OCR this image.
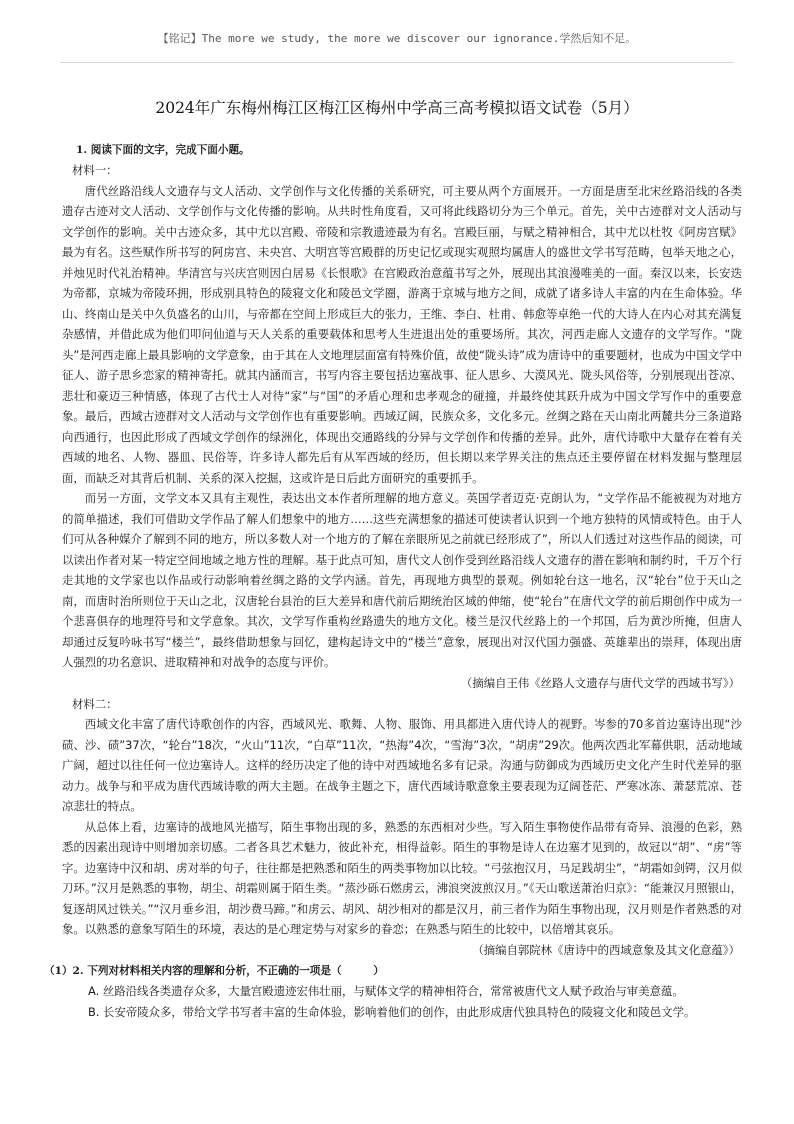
【铭记】The more we study, the more we discover our ignorance.学然后知不足。
2024年广东梅州梅江区梅江区梅州中学高三高考模拟语文试卷（5月）
1. 阅读下面的文字，完成下面小题。
材料一：

唐代丝路沿线人文遗存与文人活动、文学创作与文化传播的关系研究，可主要从两个方面展开。一方面是唐至北宋丝路沿线的各类遗存古迹对文人活动、文学创作与文化传播的影响。从共时性角度看，又可将此线路切分为三个单元。首先，关中古迹群对文人活动与文学创作的影响。关中古迹众多，其中尤以宫殿、帝陵和宗教遗迹最为有名。宫殿巨丽，与赋之精神相合，其中尤以杜牧《阿房宫赋》最为有名。这些赋作所书写的阿房宫、未央宫、大明宫等宫殿群的历史记忆或现实观照均属唐人的盛世文学书写范畴，包举天地之心，并烛见时代礼治精神。华清宫与兴庆宫则因白居易《长恨歌》在宫殿政治意蕴书写之外，展现出其浪漫唯美的一面。秦汉以来，长安迭为帝都，京城为帝陵环拥，形成别具特色的陵寝文化和陵邑文学圈，游离于京城与地方之间，成就了诸多诗人丰富的内在生命体验。华山、终南山是关中久负盛名的山川，与帝都在空间上形成巨大的张力，王维、李白、杜甫、韩愈等卓绝一代的大诗人在内心对其充满复杂感情，并借此成为他们叩问仙道与天人关系的重要载体和思考人生进退出处的重要场所。其次，河西走廊人文遗存的文学写作。“陇头”是河西走廊上最具影响的文学意象，由于其在人文地理层面富有特殊价值，故使“陇头诗”成为唐诗中的重要题材，也成为中国文学中征人、游子思乡恋家的精神寄托。就其内涵而言，书写内容主要包括边塞战事、征人思乡、大漠风光、陇头风俗等，分别展现出苍凉、悲壮和豪迈三种情感，体现了古代士人对待“家”与“国”的矛盾心理和忠孝观念的碰撞，并最终使其跃升成为中国文学写作中的重要意象。最后，西域古迹群对文人活动与文学创作也有重要影响。西域辽阔，民族众多，文化多元。丝绸之路在天山南北两麓共分三条道路向西通行，也因此形成了西域文学创作的绿洲化，体现出交通路线的分异与文学创作和传播的差异。此外，唐代诗歌中大量存在着有关西域的地名、人物、器皿、民俗等，许多诗人都先后有从军西域的经历，但长期以来学界关注的焦点还主要停留在材料发掘与整理层面，而缺乏对其背后机制、关系的深入挖掘，这或许是日后此方面研究的重要抓手。

而另一方面，文学文本又具有主观性，表达出文本作者所理解的地方意义。英国学者迈克·克朗认为，“文学作品不能被视为对地方的简单描述，我们可借助文学作品了解人们想象中的地方……这些充满想象的描述可使读者认识到一个地方独特的风情或特色。由于人们可从各种媒介了解到不同的地方，所以多数人对一个地方的了解在亲眼所见之前就已经形成了”，所以人们透过对这些作品的阅读，可以读出作者对某一特定空间地域之地方性的理解。基于此点可知，唐代文人创作受到丝路沿线人文遗存的潜在影响和制约时，千万个行走其地的文学家也以作品或行动影响着丝绸之路的文学内涵。首先，再现地方典型的景观。例如轮台这一地名，汉“轮台”位于天山之南，而唐时治所则位于天山之北，汉唐轮台县治的巨大差异和唐代前后期统治区域的伸缩，使“轮台”在唐代文学的前后期创作中成为一个悲喜俱存的地理符号和文学意象。其次，文学写作重构丝路遗失的地方文化。楼兰是汉代丝路上的一个邦国，后为黄沙所掩，但唐人却通过反复吟咏书写“楼兰”，最终借助想象与回忆，建构起诗文中的“楼兰”意象，展现出对汉代国力强盛、英雄辈出的崇拜，体现出唐人强烈的功名意识、进取精神和对战争的态度与评价。

（摘编自王伟《丝路人文遗存与唐代文学的西域书写》）
材料二：

西域文化丰富了唐代诗歌创作的内容，西域风光、歌舞、人物、服饰、用具都进入唐代诗人的视野。岑参的70多首边塞诗出现“沙碛、沙、碛”37次，“轮台”18次，“火山”11次，“白草”11次，“热海”4次，“雪海”3次，“胡虏”29次。他两次西北军幕供职，活动地域广阔，超过以往任何一位边塞诗人。这样的经历决定了他的诗中对西域地名多有记录。沟通与防御成为西域历史文化产生时代差异的驱动力。战争与和平成为唐代西域诗歌的两大主题。在战争主题之下，唐代西域诗歌意象主要表现为辽阔苍茫、严寒冰冻、萧瑟荒凉、苍凉悲壮的特点。

从总体上看，边塞诗的战地风光描写，陌生事物出现的多，熟悉的东西相对少些。写入陌生事物使作品带有奇异、浪漫的色彩，熟悉的因素出现诗中则增加亲切感。二者各具艺术魅力，彼此补充，相得益彰。陌生的事物是诗人在边塞才见到的，故冠以“胡”、“虏”等字。边塞诗中汉和胡、虏对举的句子，往往都是把熟悉和陌生的两类事物加以比较。“弓弦抱汉月，马足践胡尘”，“胡霜如剑锷，汉月似刀环。”汉月是熟悉的事物，胡尘、胡霜则属于陌生类。“蒸沙砾石燃虏云，沸浪突波煎汉月。”《天山歌送萧治归京》：“能兼汉月照银山，复逐胡风过铁关。”“汉月垂乡泪，胡沙费马蹄。”和虏云、胡风、胡沙相对的都是汉月，前三者作为陌生事物出现，汉月则是作者熟悉的对象。以熟悉的意象写陌生的环境，表达的是心理定势与对家乡的眷恋；在熟悉与陌生的比较中，以倍增其哀乐。

（摘编自郭院林《唐诗中的西域意象及其文化意蕴》）
（1）2. 下列对材料相关内容的理解和分析，不正确的一项是（　　　）
A. 丝路沿线各类遗存众多，大量宫殿遗迹宏伟壮丽，与赋体文学的精神相符合，常常被唐代文人赋予政治与审美意蕴。
B. 长安帝陵众多，带给文学书写者丰富的生命体验，影响着他们的创作，由此形成唐代独具特色的陵寝文化和陵邑文学。
